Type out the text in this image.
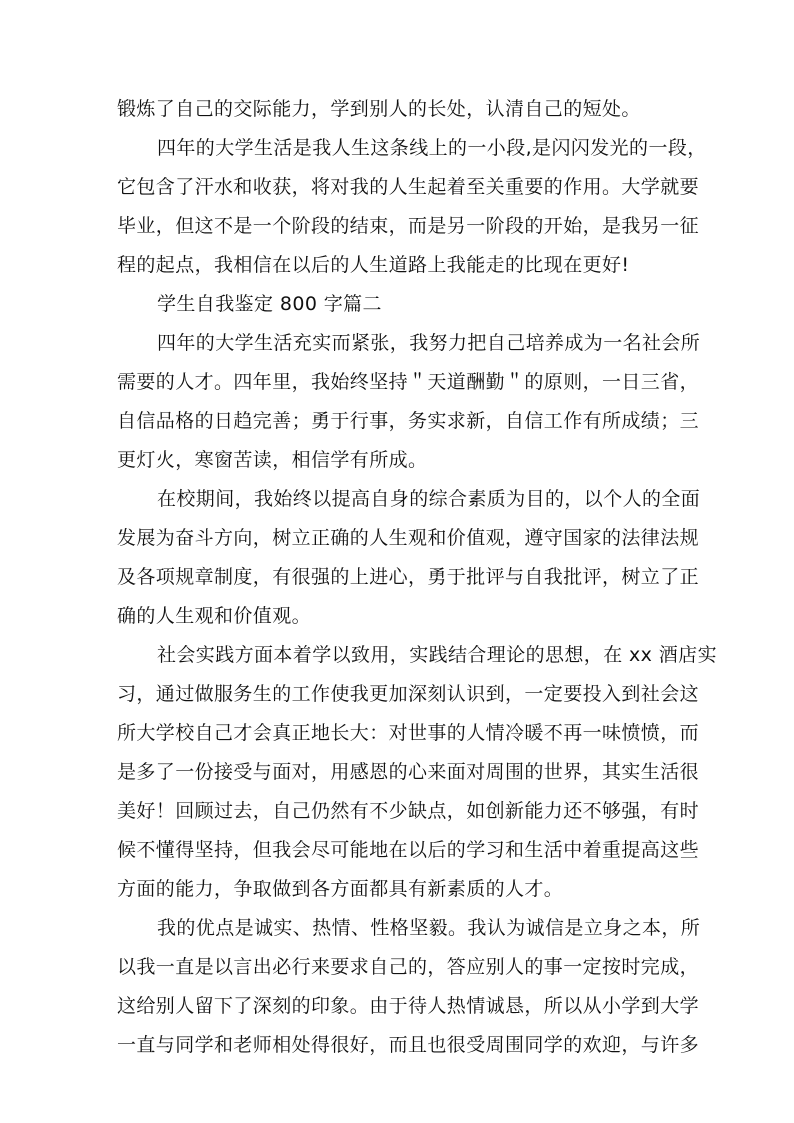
锻炼了自己的交际能力，学到别人的长处，认清自己的短处。
四年的大学生活是我人生这条线上的一小段,是闪闪发光的一段，
它包含了汗水和收获，将对我的人生起着至关重要的作用。大学就要
毕业，但这不是一个阶段的结束，而是另一阶段的开始，是我另一征
程的起点，我相信在以后的人生道路上我能走的比现在更好!
学生自我鉴定 800 字篇二
四年的大学生活充实而紧张，我努力把自己培养成为一名社会所
需要的人才。四年里，我始终坚持＂天道酬勤＂的原则，一日三省，
自信品格的日趋完善；勇于行事，务实求新，自信工作有所成绩；三
更灯火，寒窗苦读，相信学有所成。
在校期间，我始终以提高自身的综合素质为目的，以个人的全面
发展为奋斗方向，树立正确的人生观和价值观，遵守国家的法律法规
及各项规章制度，有很强的上进心，勇于批评与自我批评，树立了正
确的人生观和价值观。
社会实践方面本着学以致用，实践结合理论的思想，在 xx 酒店实
习，通过做服务生的工作使我更加深刻认识到，一定要投入到社会这
所大学校自己才会真正地长大：对世事的人情冷暖不再一味愤愤，而
是多了一份接受与面对，用感恩的心来面对周围的世界，其实生活很
美好！回顾过去，自己仍然有不少缺点，如创新能力还不够强，有时
候不懂得坚持，但我会尽可能地在以后的学习和生活中着重提高这些
方面的能力，争取做到各方面都具有新素质的人才。
我的优点是诚实、热情、性格坚毅。我认为诚信是立身之本，所
以我一直是以言出必行来要求自己的，答应别人的事一定按时完成，
这给别人留下了深刻的印象。由于待人热情诚恳，所以从小学到大学
一直与同学和老师相处得很好，而且也很受周围同学的欢迎，与许多
